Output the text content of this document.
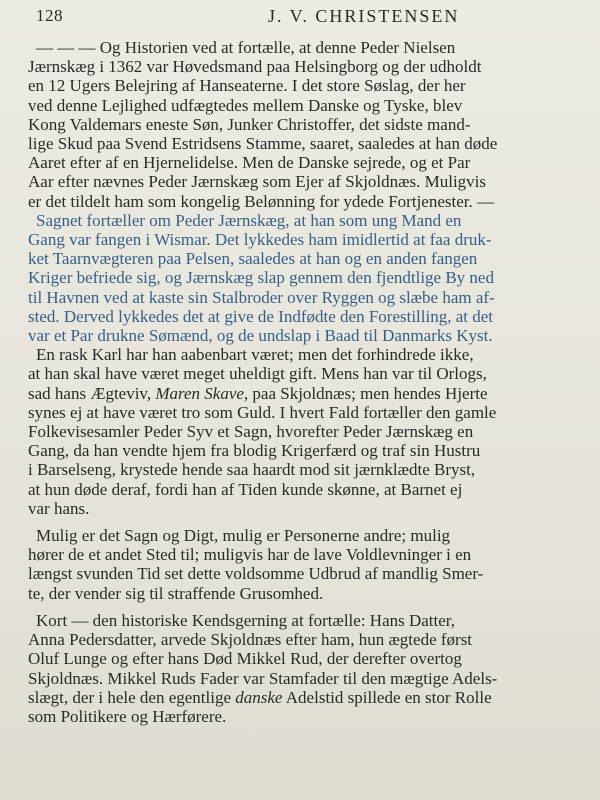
128	J. V. CHRISTENSEN
— — — Og Historien ved at fortælle, at denne Peder Nielsen
Jærnskæg i 1362 var Høvedsmand paa Helsingborg og der udholdt
en 12 Ugers Belejring af Hanseaterne. I det store Søslag, der her
ved denne Lejlighed udfægtedes mellem Danske og Tyske, blev
Kong Valdemars eneste Søn, Junker Christoffer, det sidste mand-
lige Skud paa Svend Estridsens Stamme, saaret, saaledes at han døde
Aaret efter af en Hjernelidelse. Men de Danske sejrede, og et Par
Aar efter nævnes Peder Jærnskæg som Ejer af Skjoldnæs. Muligvis
er det tildelt ham som kongelig Belønning for ydede Fortjenester. —
Sagnet fortæller om Peder Jærnskæg, at han som ung Mand en
Gang var fangen i Wismar. Det lykkedes ham imidlertid at faa druk-
ket Taarnvægteren paa Pelsen, saaledes at han og en anden fangen
Kriger befriede sig, og Jærnskæg slap gennem den fjendtlige By ned
til Havnen ved at kaste sin Stalbroder over Ryggen og slæbe ham af-
sted. Derved lykkedes det at give de Indfødte den Forestilling, at det
var et Par drukne Sømænd, og de undslap i Baad til Danmarks Kyst.
En rask Karl har han aabenbart været; men det forhindrede ikke,
at han skal have været meget uheldigt gift. Mens han var til Orlogs,
sad hans Ægteviv, Maren Skave, paa Skjoldnæs; men hendes Hjerte
synes ej at have været tro som Guld. I hvert Fald fortæller den gamle
Folkevisesamler Peder Syv et Sagn, hvorefter Peder Jærnskæg en
Gang, da han vendte hjem fra blodig Krigerfærd og traf sin Hustru
i Barselseng, krystede hende saa haardt mod sit jærnklædte Bryst,
at hun døde deraf, fordi han af Tiden kunde skønne, at Barnet ej
var hans.
Mulig er det Sagn og Digt, mulig er Personerne andre; mulig
hører de et andet Sted til; muligvis har de lave Voldlevninger i en
længst svunden Tid set dette voldsomme Udbrud af mandlig Smer-
te, der vender sig til straffende Grusomhed.
Kort — den historiske Kendsgerning at fortælle: Hans Datter,
Anna Pedersdatter, arvede Skjoldnæs efter ham, hun ægtede først
Oluf Lunge og efter hans Død Mikkel Rud, der derefter overtog
Skjoldnæs. Mikkel Ruds Fader var Stamfader til den mægtige Adels-
slægt, der i hele den egentlige danske Adelstid spillede en stor Rolle
som Politikere og Hærførere.
